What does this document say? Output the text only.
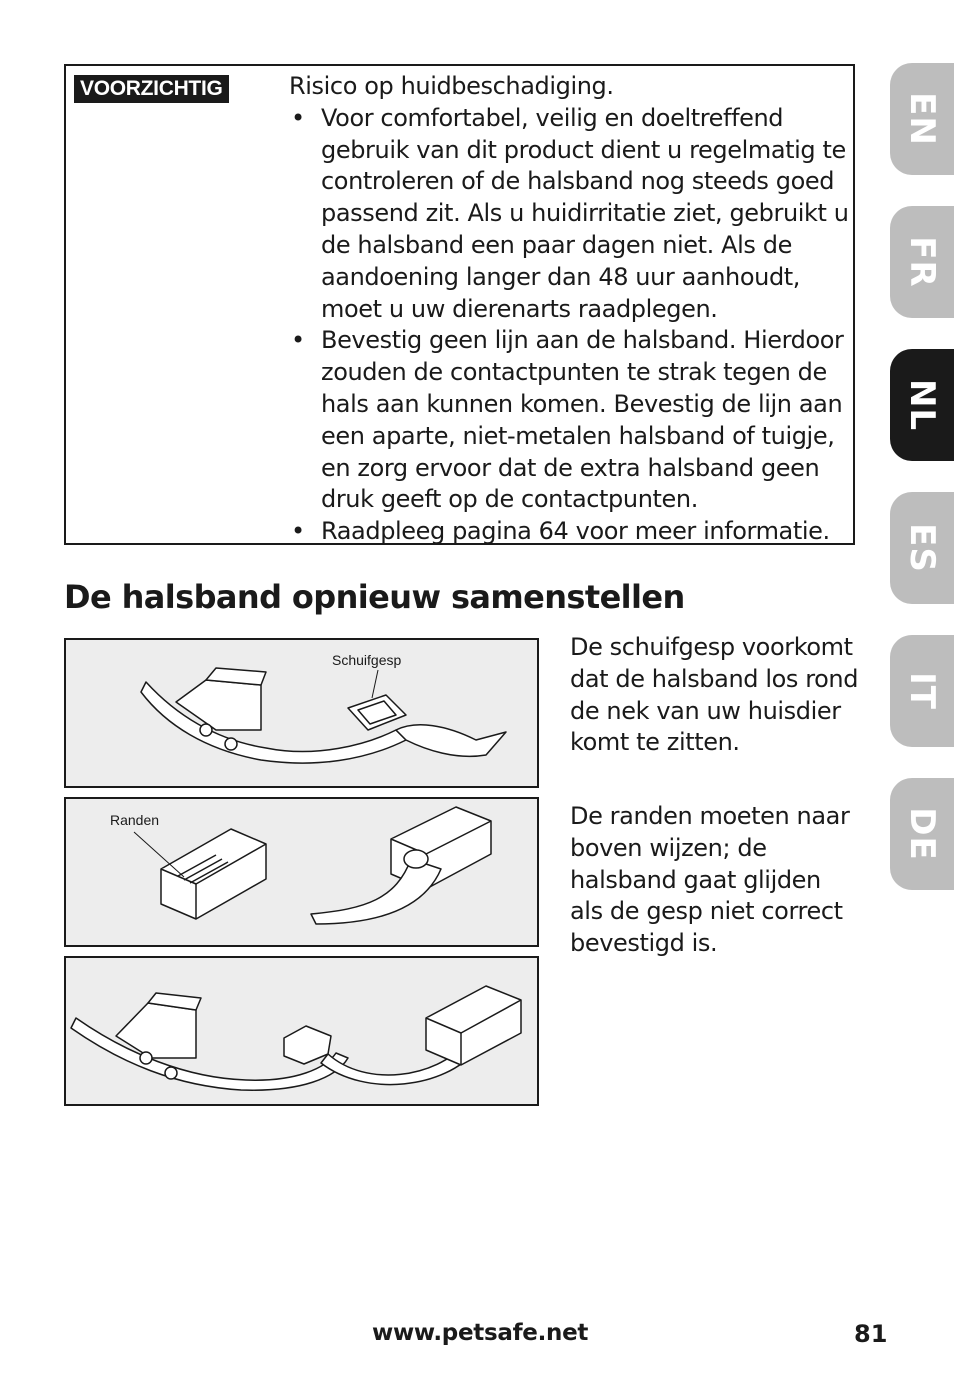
VOORZICHTIG	Risico op huidbeschadiging.
• Voor comfortabel, veilig en doeltreffend gebruik van dit product dient u regelmatig te controleren of de halsband nog steeds goed passend zit. Als u huidirritatie ziet, gebruikt u de halsband een paar dagen niet. Als de aandoening langer dan 48 uur aanhoudt, moet u uw dierenarts raadplegen.
• Bevestig geen lijn aan de halsband. Hierdoor zouden de contactpunten te strak tegen de hals aan kunnen komen. Bevestig de lijn aan een aparte, niet-metalen halsband of tuigje, en zorg ervoor dat de extra halsband geen druk geeft op de contactpunten.
• Raadpleeg pagina 64 voor meer informatie.
De halsband opnieuw samenstellen
Schuifgesp
Randen
De schuifgesp voorkomt dat de halsband los rond de nek van uw huisdier komt te zitten.
De randen moeten naar boven wijzen; de halsband gaat glijden als de gesp niet correct bevestigd is.
EN
FR
NL
ES
IT
DE
www.petsafe.net	81
